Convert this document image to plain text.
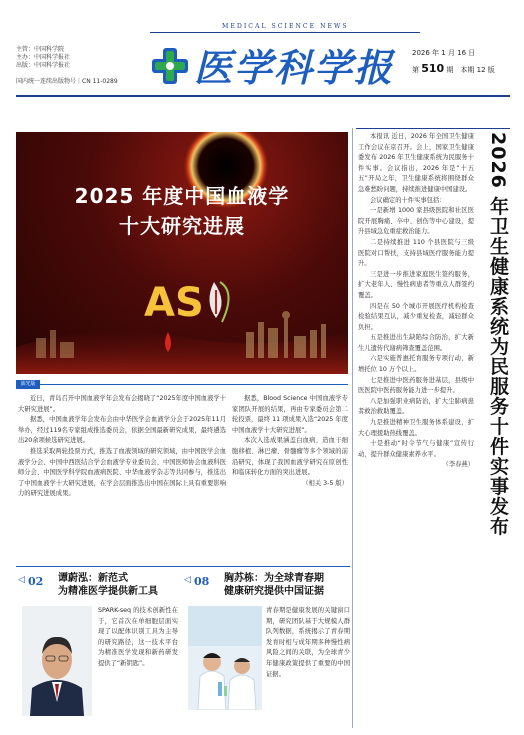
MEDICAL SCIENCE NEWS
主管：中国科学院
主办：中国科学报社
出版：中国科学报社
国内统一连续出版物号｜CN 11-0289 医学科学报	2026 年 1 月 16 日
第 510 期　本期 12 版
AS
2025 年度中国血液学
十大研究进展
油光版

近日，青岛召开中国血液学年会发布会揭晓了“2025年度中国血液学十大研究进展”。

据悉，中国血液学年会发布会由中华医学会血液学分会于2025年11月举办，经过119名专家组成推选委员会，依据全国最新研究成果，最终遴选出20余项候选研究进展。

推选采取两轮投票方式，推选了血液领域的研究领域，由中国医学会血液学分会、中国中西医结合学会血液学专业委员会、中国医师协会血液科医师分会、中国医学科学院血液病医院、中华血液学杂志等共同参与，推选出了中国血液学十大研究进展，在学会层面推选出中国在国际上具有重要影响力的研究进展成果。

据悉，Blood Science 中国血液学专家团队开展的结果，再由专家委员会第二轮投票，最终 11 项成果入选“2025 年度中国血液学十大研究进展”。

本次入选成果涵盖白血病、造血干细胞移植、淋巴瘤、骨髓瘤等多个领域的前沿研究，体现了我国血液学研究在原创性和临床转化方面的突出进展。

（相关 3-5 版）

本报讯 近日，2026 年全国卫生健康工作会议在京召开。会上，国家卫生健康委发布 2026 年卫生健康系统为民服务十件实事。会议指出，2026 年是“十五五”开局之年，卫生健康系统将围绕群众急难愁盼问题，持续推进健康中国建设。

会议确定的十件实事包括：

一是新增 1000 家县级医院和社区医院开展胸痛、卒中、创伤等中心建设，提升县域急危重症救治能力。

二是持续推进 110 个县医院与三级医院对口帮扶，支持县域医疗服务能力提升。

三是进一步推进家庭医生签约服务，扩大老年人、慢性病患者等重点人群签约覆盖。

四是在 50 个城市开展医疗机构检查检验结果互认，减少重复检查，减轻群众负担。

五是推进出生缺陷综合防治，扩大新生儿遗传代谢病筛查覆盖范围。

六是实施普惠托育服务专项行动，新增托位 10 万个以上。

七是推进中医药服务进基层，县级中医医院中医药服务能力进一步提升。

八是加强职业病防治，扩大尘肺病患者救治救助覆盖。

九是推进精神卫生服务体系建设，扩大心理援助热线覆盖。

十是推动“时令节气与健康”宣传行动，提升群众健康素养水平。

（李春燕） 2026 年卫生健康系统为民服务十件实事发布
◁ 02 谭蔚泓：新范式
为精准医学提供新工具
SPARK-seq 的技术创新性在于，它首次在单细胞层面实现了以配体识别工具为主导的研究路径，这一技术平台为精准医学发现和新药研发提供了“新钥匙”。
◁ 08 胸苏栋：为全球青春期
健康研究提供中国证据
青春期是健康发展的关键窗口期，研究团队基于大规模人群队列数据，系统揭示了青春期发育时相与成年期多种慢性病风险之间的关联，为全球青少年健康政策提供了重要的中国证据。
